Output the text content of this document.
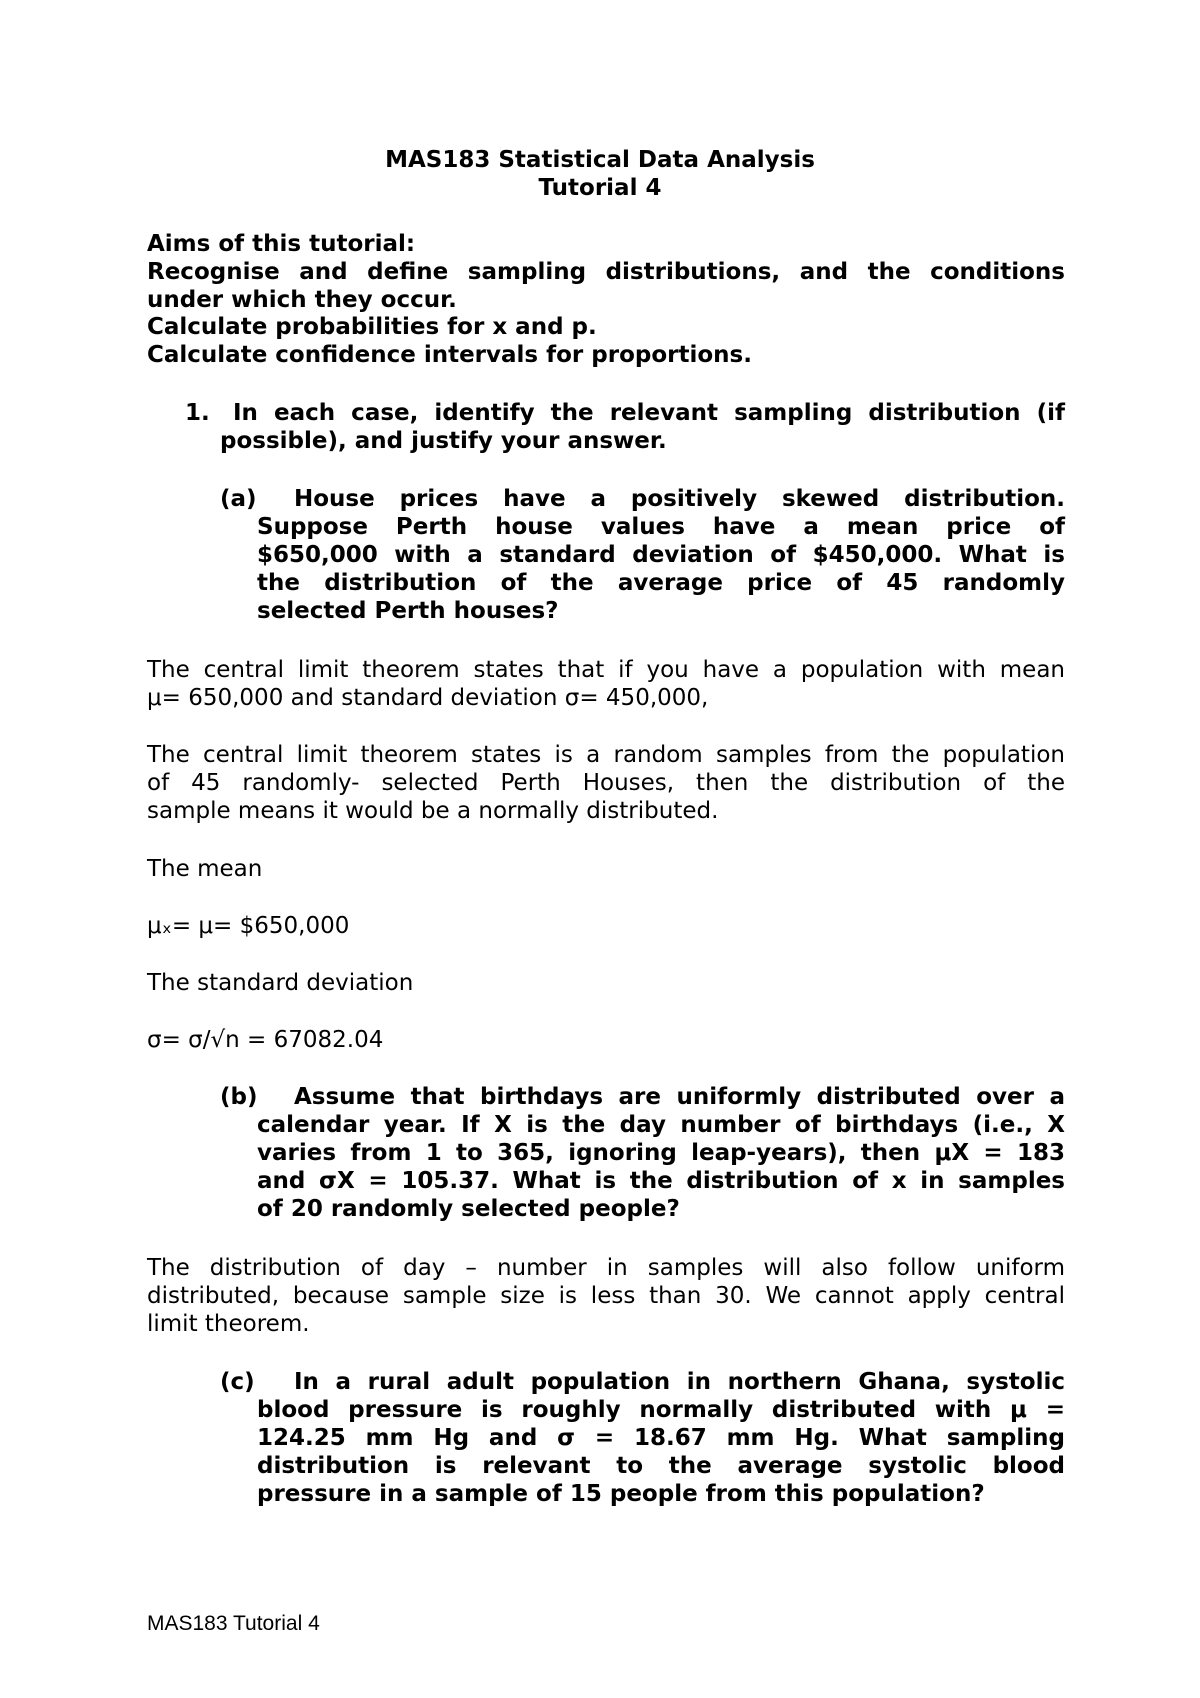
MAS183 Statistical Data Analysis
Tutorial 4
Aims of this tutorial:
Recognise and define sampling distributions, and the conditions
under which they occur.
Calculate probabilities for x and p.
Calculate confidence intervals for proportions.
1. In each case, identify the relevant sampling distribution (if
possible), and justify your answer.
(a) House prices have a positively skewed distribution.
Suppose Perth house values have a mean price of
$650,000 with a standard deviation of $450,000. What is
the distribution of the average price of 45 randomly
selected Perth houses?
The central limit theorem states that if you have a population with mean
μ= 650,000 and standard deviation σ= 450,000,
The central limit theorem states is a random samples from the population
of 45 randomly- selected Perth Houses, then the distribution of the
sample means it would be a normally distributed.
The mean
μₓ= μ= $650,000
The standard deviation
σ= σ/√n = 67082.04
(b) Assume that birthdays are uniformly distributed over a
calendar year. If X is the day number of birthdays (i.e., X
varies from 1 to 365, ignoring leap-years), then μX = 183
and σX = 105.37. What is the distribution of x in samples
of 20 randomly selected people?
The distribution of day – number in samples will also follow uniform
distributed, because sample size is less than 30. We cannot apply central
limit theorem.
(c) In a rural adult population in northern Ghana, systolic
blood pressure is roughly normally distributed with μ =
124.25 mm Hg and σ = 18.67 mm Hg. What sampling
distribution is relevant to the average systolic blood
pressure in a sample of 15 people from this population?
MAS183 Tutorial 4
